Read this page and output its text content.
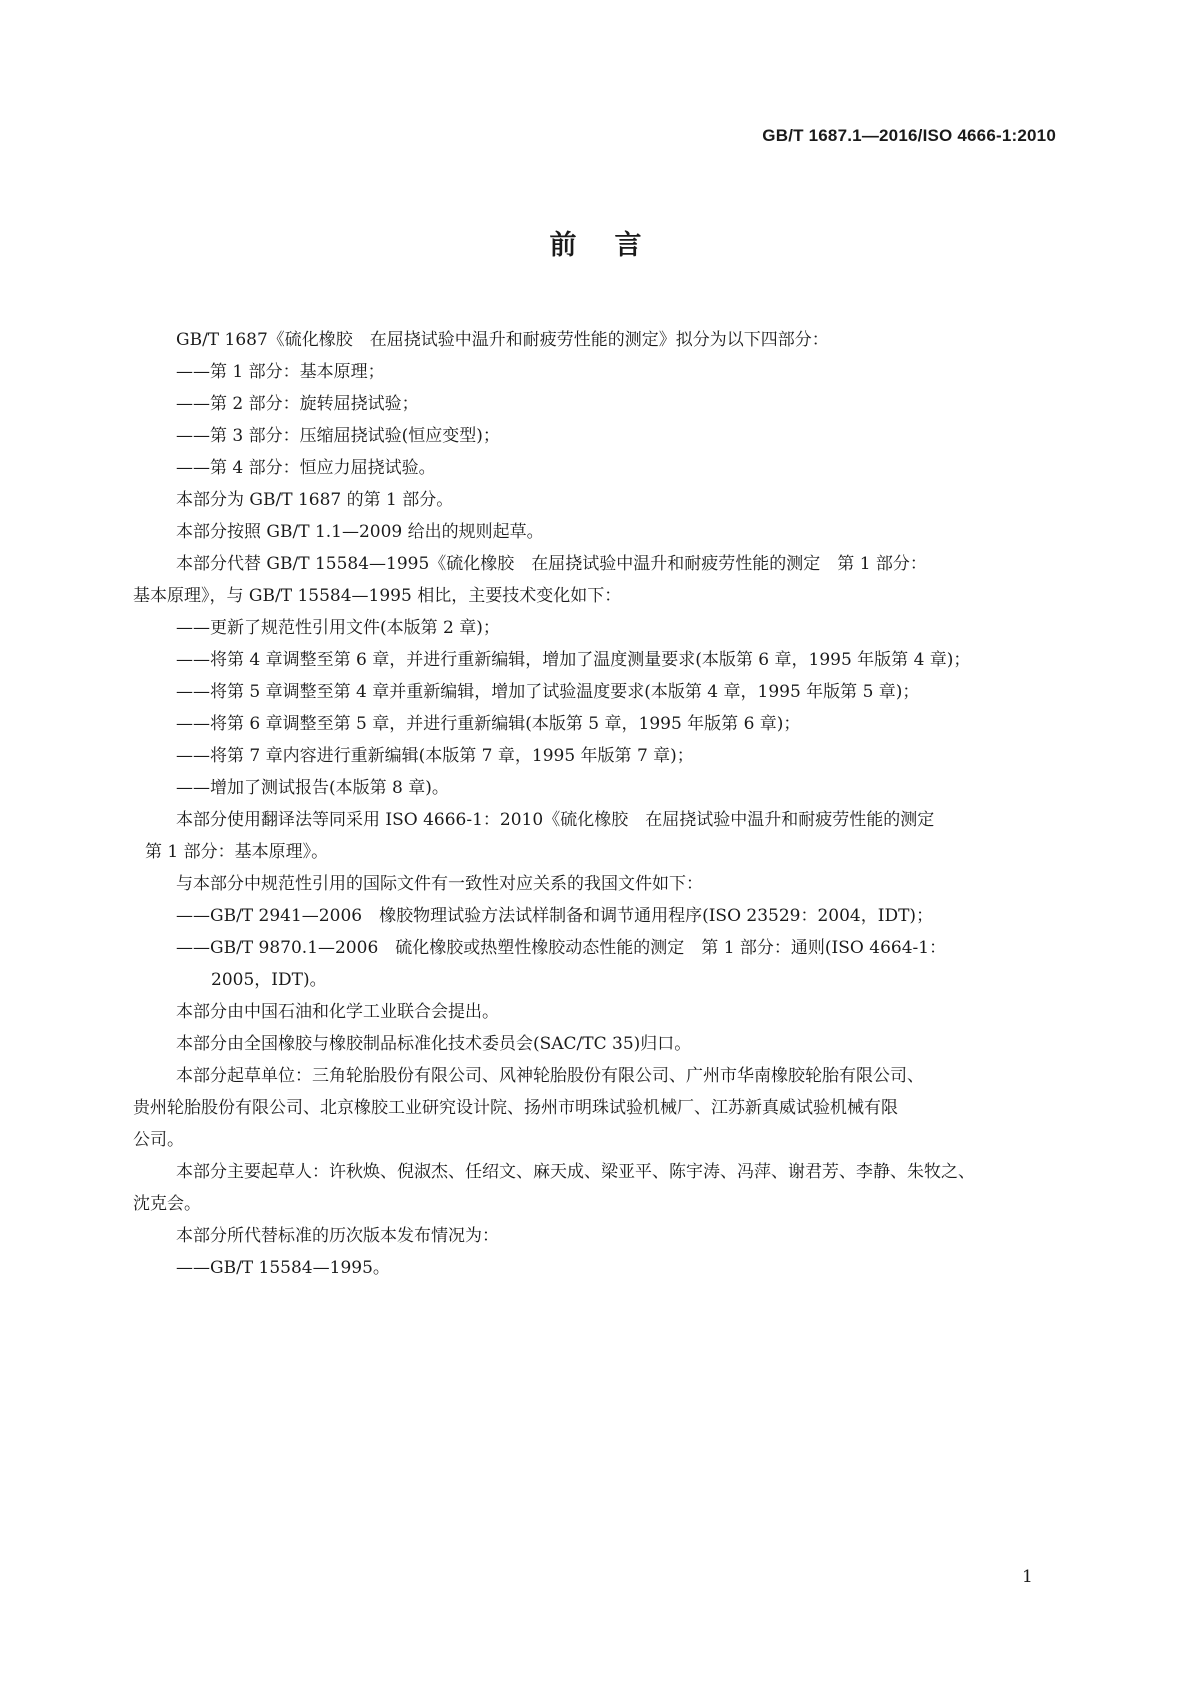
GB/T 1687.1—2016/ISO 4666-1:2010
前言
GB/T 1687《硫化橡胶　在屈挠试验中温升和耐疲劳性能的测定》拟分为以下四部分：
——第 1 部分：基本原理；
——第 2 部分：旋转屈挠试验；
——第 3 部分：压缩屈挠试验(恒应变型)；
——第 4 部分：恒应力屈挠试验。
本部分为 GB/T 1687 的第 1 部分。
本部分按照 GB/T 1.1—2009 给出的规则起草。
本部分代替 GB/T 15584—1995《硫化橡胶　在屈挠试验中温升和耐疲劳性能的测定　第 1 部分：
基本原理》，与 GB/T 15584—1995 相比，主要技术变化如下：
——更新了规范性引用文件(本版第 2 章)；
——将第 4 章调整至第 6 章，并进行重新编辑，增加了温度测量要求(本版第 6 章，1995 年版第 4 章)；
——将第 5 章调整至第 4 章并重新编辑，增加了试验温度要求(本版第 4 章，1995 年版第 5 章)；
——将第 6 章调整至第 5 章，并进行重新编辑(本版第 5 章，1995 年版第 6 章)；
——将第 7 章内容进行重新编辑(本版第 7 章，1995 年版第 7 章)；
——增加了测试报告(本版第 8 章)。
本部分使用翻译法等同采用 ISO 4666-1：2010《硫化橡胶　在屈挠试验中温升和耐疲劳性能的测定
第 1 部分：基本原理》。
与本部分中规范性引用的国际文件有一致性对应关系的我国文件如下：
——GB/T 2941—2006　橡胶物理试验方法试样制备和调节通用程序(ISO 23529：2004，IDT)；
——GB/T 9870.1—2006　硫化橡胶或热塑性橡胶动态性能的测定　第 1 部分：通则(ISO 4664-1：
2005，IDT)。
本部分由中国石油和化学工业联合会提出。
本部分由全国橡胶与橡胶制品标准化技术委员会(SAC/TC 35)归口。
本部分起草单位：三角轮胎股份有限公司、风神轮胎股份有限公司、广州市华南橡胶轮胎有限公司、
贵州轮胎股份有限公司、北京橡胶工业研究设计院、扬州市明珠试验机械厂、江苏新真威试验机械有限
公司。
本部分主要起草人：许秋焕、倪淑杰、任绍文、麻天成、梁亚平、陈宇涛、冯萍、谢君芳、李静、朱牧之、
沈克会。
本部分所代替标准的历次版本发布情况为：
——GB/T 15584—1995。
1
